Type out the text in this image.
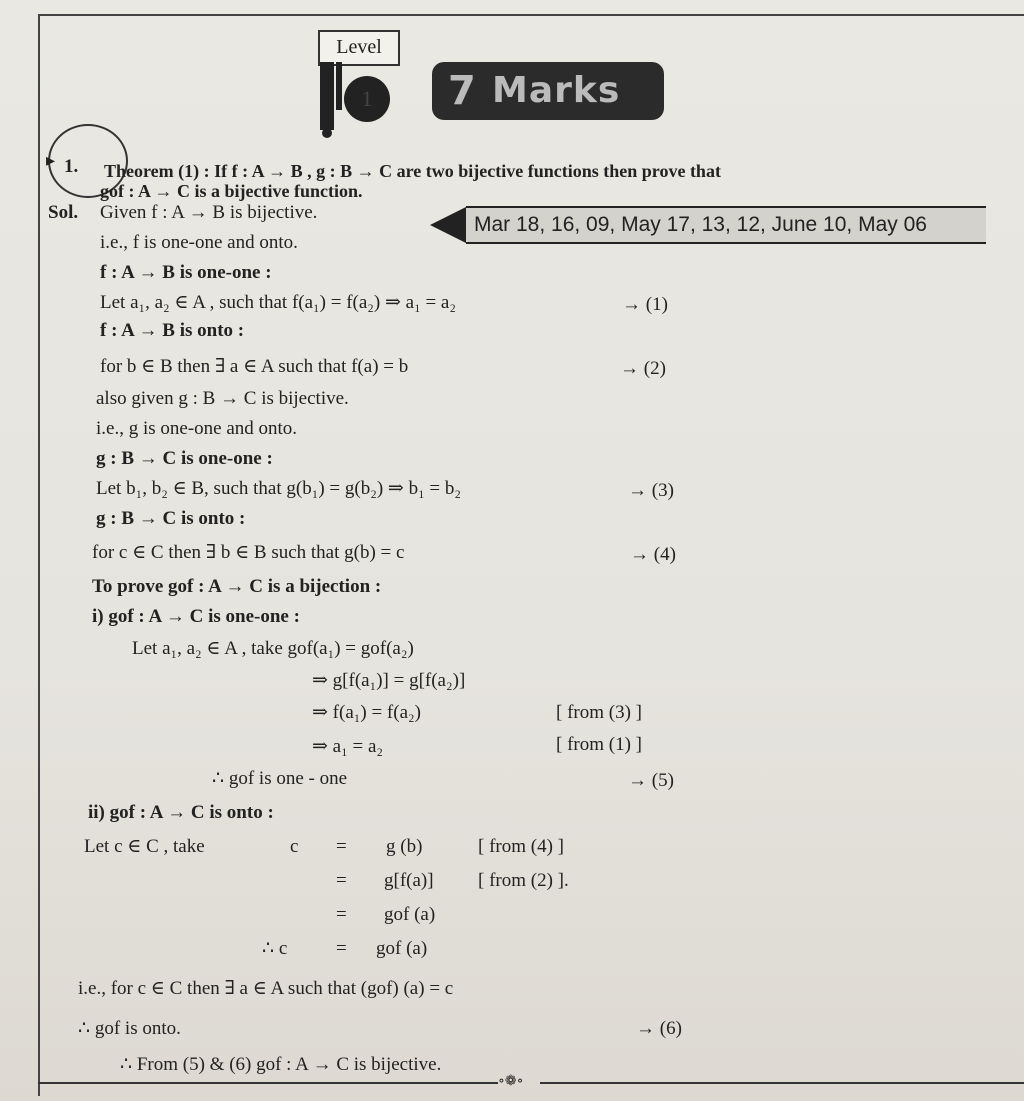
Level
1	7 Marks
▸ 1. Theorem (1) : If f : A → B , g : B → C are two bijective functions then prove that
gof : A → C is a bijective function.
Mar 18, 16, 09, May 17, 13, 12, June 10, May 06
Sol. Given f : A → B is bijective.
i.e., f is one-one and onto.
f : A → B is one-one :
Let a₁, a₂ ∈ A , such that f(a₁) = f(a₂) ⇒ a₁ = a₂	→ (1)
f : A → B is onto :
for b ∈ B then ∃ a ∈ A such that f(a) = b	→ (2)
also given g : B → C is bijective.
i.e., g is one-one and onto.
g : B → C is one-one :
Let b₁, b₂ ∈ B, such that g(b₁) = g(b₂) ⇒ b₁ = b₂	→ (3)
g : B → C is onto :
for c ∈ C then ∃ b ∈ B such that g(b) = c	→ (4)
To prove gof : A → C is a bijection :
i) gof : A → C is one-one :
Let a₁, a₂ ∈ A , take gof(a₁) = gof(a₂)
⇒ g[f(a₁)] = g[f(a₂)]
⇒ f(a₁) = f(a₂)	[ from (3) ]
⇒ a₁ = a₂	[ from (1) ]
∴ gof is one - one	→ (5)
ii) gof : A → C is onto :
Let c ∈ C , take	c = g (b)	[ from (4) ]
= g[f(a)] [ from (2) ].
= gof (a)
∴ c	= gof (a)
i.e., for c ∈ C then ∃ a ∈ A such that (gof) (a) = c
∴ gof is onto.	→ (6)
∴ From (5) & (6) gof : A → C is bijective.
∘❁∘
